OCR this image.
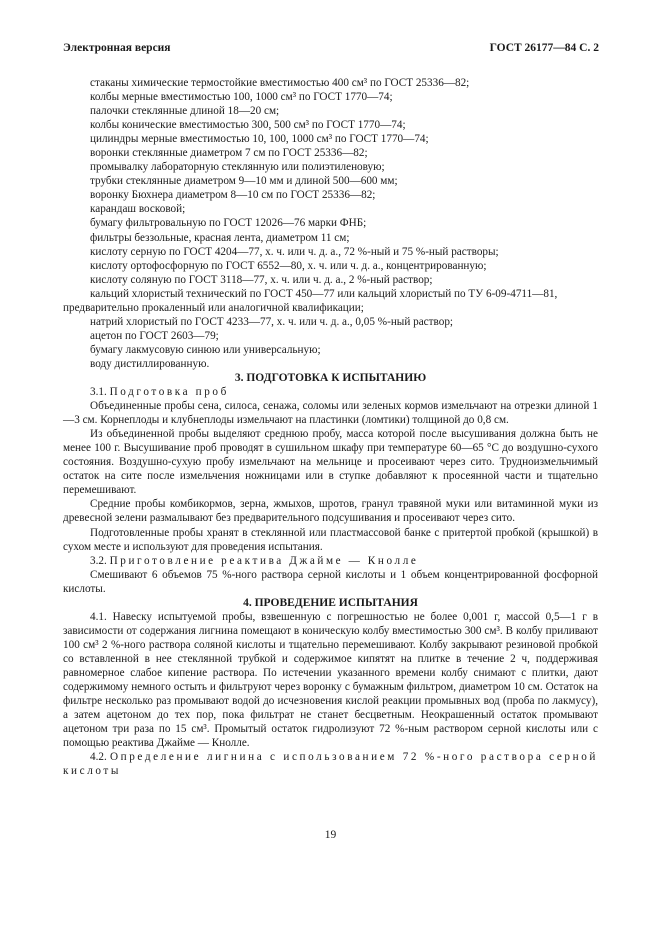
Электронная версия	ГОСТ 26177—84 С. 2

стаканы химические термостойкие вместимостью 400 см³ по ГОСТ 25336—82;

колбы мерные вместимостью 100, 1000 см³ по ГОСТ 1770—74;

палочки стеклянные длиной 18—20 см;

колбы конические вместимостью 300, 500 см³ по ГОСТ 1770—74;

цилиндры мерные вместимостью 10, 100, 1000 см³ по ГОСТ 1770—74;

воронки стеклянные диаметром 7 см по ГОСТ 25336—82;

промывалку лабораторную стеклянную или полиэтиленовую;

трубки стеклянные диаметром 9—10 мм и длиной 500—600 мм;

воронку Бюхнера диаметром 8—10 см по ГОСТ 25336—82;

карандаш восковой;

бумагу фильтровальную по ГОСТ 12026—76 марки ФНБ;

фильтры беззольные, красная лента, диаметром 11 см;

кислоту серную по ГОСТ 4204—77, х. ч. или ч. д. а., 72 %-ный и 75 %-ный растворы;

кислоту ортофосфорную по ГОСТ 6552—80, х. ч. или ч. д. а., концентрированную;

кислоту соляную по ГОСТ 3118—77, х. ч. или ч. д. а., 2 %-ный раствор;

кальций хлористый технический по ГОСТ 450—77 или кальций хлористый по ТУ 6-09-4711—81, предварительно прокаленный или аналогичной квалификации;

натрий хлористый по ГОСТ 4233—77, х. ч. или ч. д. а., 0,05 %-ный раствор;

ацетон по ГОСТ 2603—79;

бумагу лакмусовую синюю или универсальную;

воду дистиллированную.

3. ПОДГОТОВКА К ИСПЫТАНИЮ

3.1. Подготовка проб

Объединенные пробы сена, силоса, сенажа, соломы или зеленых кормов измельчают на отрезки длиной 1—3 см. Корнеплоды и клубнеплоды измельчают на пластинки (ломтики) толщиной до 0,8 см.

Из объединенной пробы выделяют среднюю пробу, масса которой после высушивания должна быть не менее 100 г. Высушивание проб проводят в сушильном шкафу при температуре 60—65 °С до воздушно-сухого состояния. Воздушно-сухую пробу измельчают на мельнице и просеивают через сито. Трудноизмельчимый остаток на сите после измельчения ножницами или в ступке добавляют к просеянной части и тщательно перемешивают.

Средние пробы комбикормов, зерна, жмыхов, шротов, гранул травяной муки или витаминной муки из древесной зелени размалывают без предварительного подсушивания и просеивают через сито.

Подготовленные пробы хранят в стеклянной или пластмассовой банке с притертой пробкой (крышкой) в сухом месте и используют для проведения испытания.

3.2. Приготовление реактива Джайме — Кнолле

Смешивают 6 объемов 75 %-ного раствора серной кислоты и 1 объем концентрированной фосфорной кислоты.

4. ПРОВЕДЕНИЕ ИСПЫТАНИЯ

4.1. Навеску испытуемой пробы, взвешенную с погрешностью не более 0,001 г, массой 0,5—1 г в зависимости от содержания лигнина помещают в коническую колбу вместимостью 300 см³. В колбу приливают 100 см³ 2 %-ного раствора соляной кислоты и тщательно перемешивают. Колбу закрывают резиновой пробкой со вставленной в нее стеклянной трубкой и содержимое кипятят на плитке в течение 2 ч, поддерживая равномерное слабое кипение раствора. По истечении указанного времени колбу снимают с плитки, дают содержимому немного остыть и фильтруют через воронку с бумажным фильтром, диаметром 10 см. Остаток на фильтре несколько раз промывают водой до исчезновения кислой реакции промывных вод (проба по лакмусу), а затем ацетоном до тех пор, пока фильтрат не станет бесцветным. Неокрашенный остаток промывают ацетоном три раза по 15 см³. Промытый остаток гидролизуют 72 %-ным раствором серной кислоты или с помощью реактива Джайме — Кнолле.

4.2. Определение лигнина с использованием 72 %-ного раствора серной кислоты

19
